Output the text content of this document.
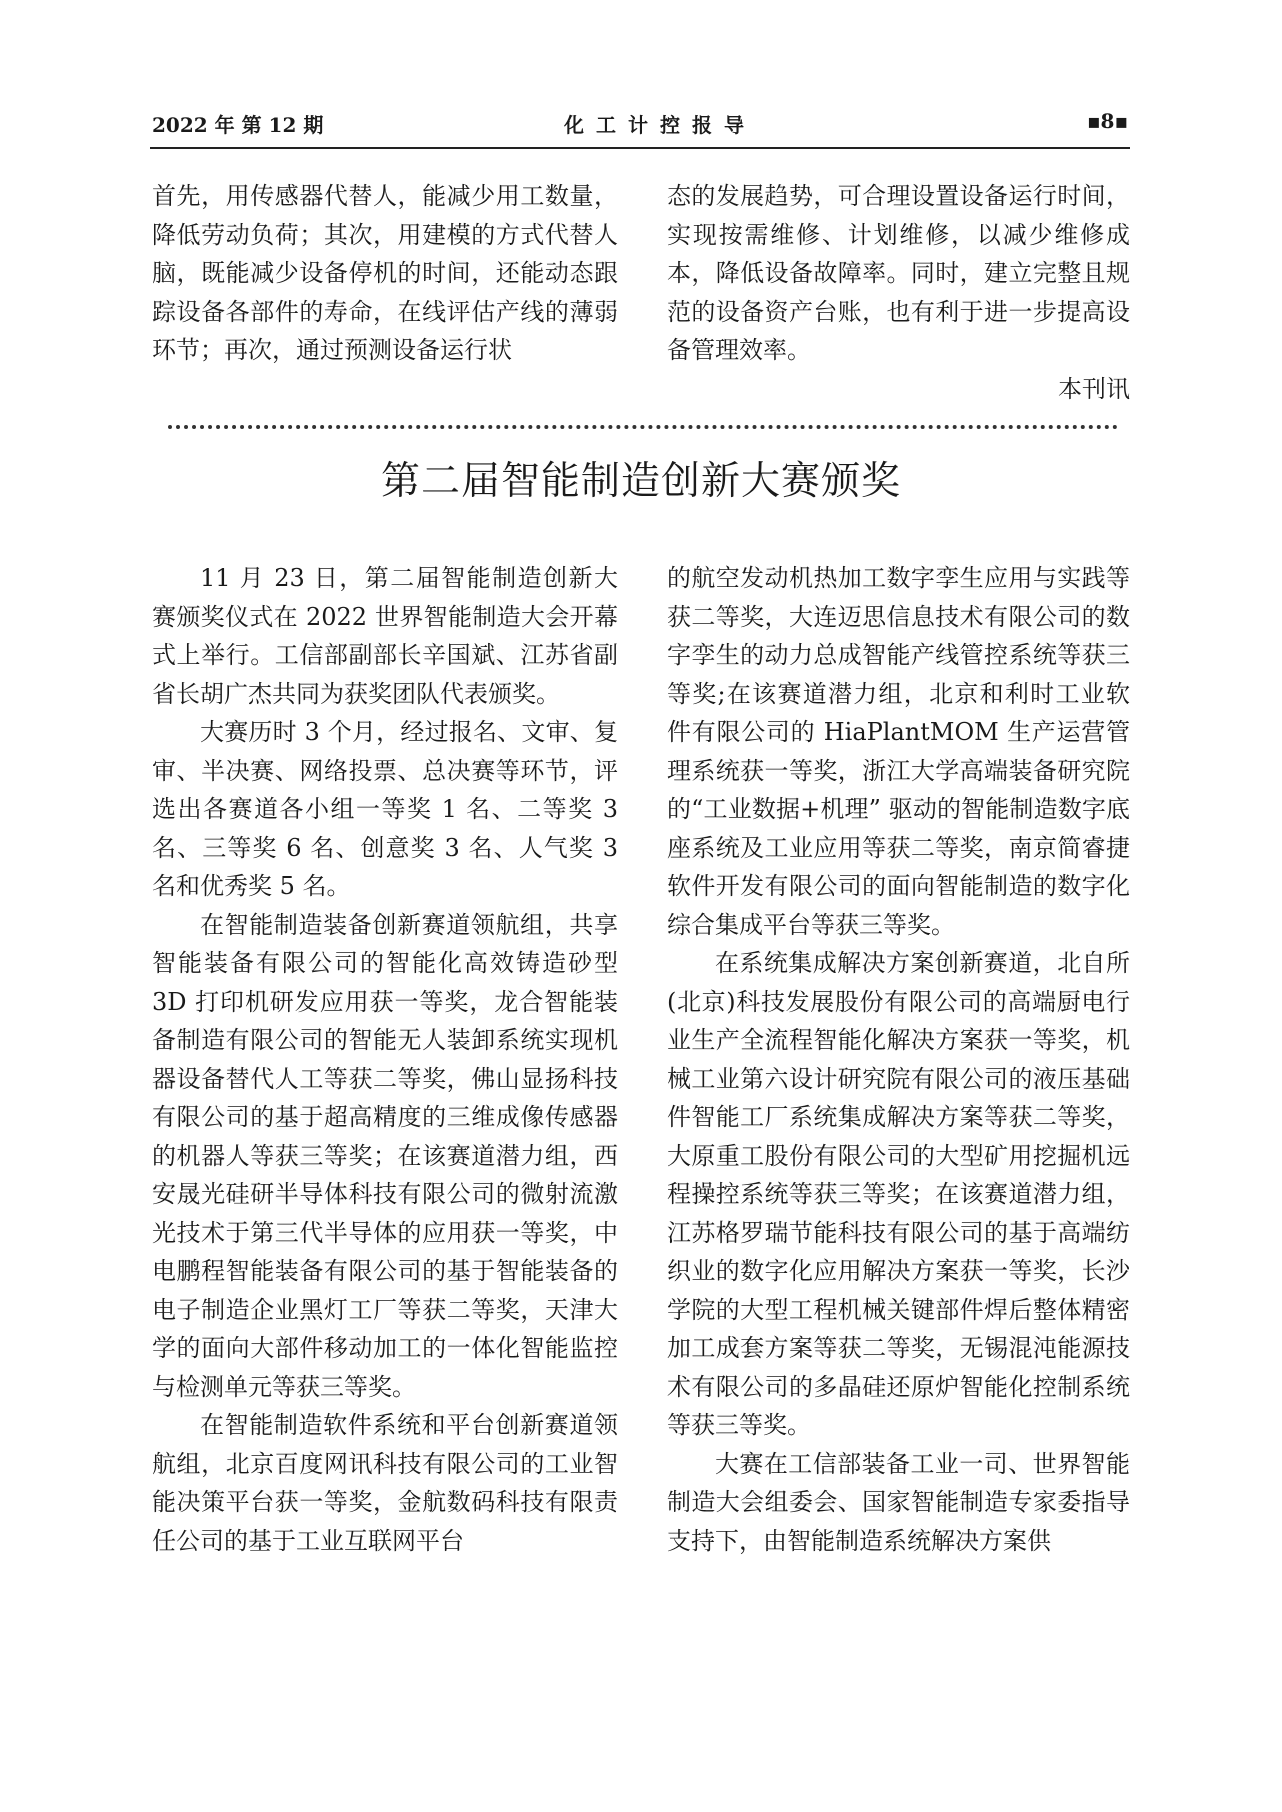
2022 年 第 12 期	化工计控报导	▪8▪

首先，用传感器代替人，能减少用工数量，降低劳动负荷；其次，用建模的方式代替人脑，既能减少设备停机的时间，还能动态跟踪设备各部件的寿命，在线评估产线的薄弱环节；再次，通过预测设备运行状

态的发展趋势，可合理设置设备运行时间，实现按需维修、计划维修，以减少维修成本，降低设备故障率。同时，建立完整且规范的设备资产台账，也有利于进一步提高设备管理效率。

本刊讯
第二届智能制造创新大赛颁奖

11 月 23 日，第二届智能制造创新大赛颁奖仪式在 2022 世界智能制造大会开幕式上举行。工信部副部长辛国斌、江苏省副省长胡广杰共同为获奖团队代表颁奖。

大赛历时 3 个月，经过报名、文审、复审、半决赛、网络投票、总决赛等环节，评选出各赛道各小组一等奖 1 名、二等奖 3 名、三等奖 6 名、创意奖 3 名、人气奖 3 名和优秀奖 5 名。

在智能制造装备创新赛道领航组，共享智能装备有限公司的智能化高效铸造砂型 3D 打印机研发应用获一等奖，龙合智能装备制造有限公司的智能无人装卸系统实现机器设备替代人工等获二等奖，佛山显扬科技有限公司的基于超高精度的三维成像传感器的机器人等获三等奖；在该赛道潜力组，西安晟光硅研半导体科技有限公司的微射流激光技术于第三代半导体的应用获一等奖，中电鹏程智能装备有限公司的基于智能装备的电子制造企业黑灯工厂等获二等奖，天津大学的面向大部件移动加工的一体化智能监控与检测单元等获三等奖。

在智能制造软件系统和平台创新赛道领航组，北京百度网讯科技有限公司的工业智能决策平台获一等奖，金航数码科技有限责任公司的基于工业互联网平台

的航空发动机热加工数字孪生应用与实践等获二等奖，大连迈思信息技术有限公司的数字孪生的动力总成智能产线管控系统等获三等奖;在该赛道潜力组，北京和利时工业软件有限公司的 HiaPlantMOM 生产运营管理系统获一等奖，浙江大学高端装备研究院的“工业数据+机理” 驱动的智能制造数字底座系统及工业应用等获二等奖，南京简睿捷软件开发有限公司的面向智能制造的数字化综合集成平台等获三等奖。

在系统集成解决方案创新赛道，北自所(北京)科技发展股份有限公司的高端厨电行业生产全流程智能化解决方案获一等奖，机械工业第六设计研究院有限公司的液压基础件智能工厂系统集成解决方案等获二等奖，大原重工股份有限公司的大型矿用挖掘机远程操控系统等获三等奖；在该赛道潜力组，江苏格罗瑞节能科技有限公司的基于高端纺织业的数字化应用解决方案获一等奖，长沙学院的大型工程机械关键部件焊后整体精密加工成套方案等获二等奖，无锡混沌能源技术有限公司的多晶硅还原炉智能化控制系统等获三等奖。

大赛在工信部装备工业一司、世界智能制造大会组委会、国家智能制造专家委指导支持下，由智能制造系统解决方案供
